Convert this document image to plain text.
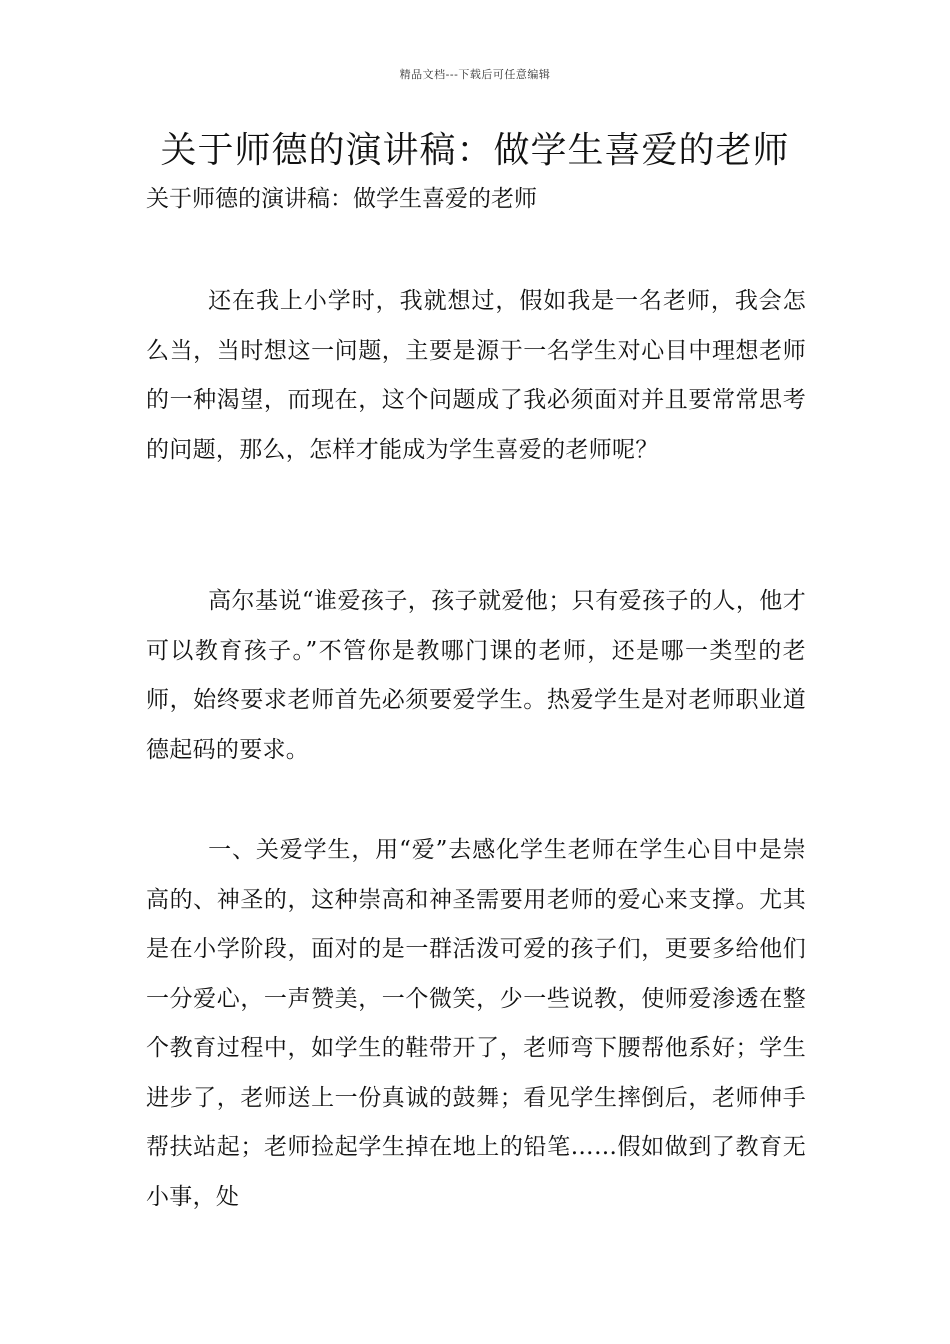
精品文档---下载后可任意编辑
关于师德的演讲稿：做学生喜爱的老师

关于师德的演讲稿：做学生喜爱的老师

还在我上小学时，我就想过，假如我是一名老师，我会怎么当，当时想这一问题，主要是源于一名学生对心目中理想老师的一种渴望，而现在，这个问题成了我必须面对并且要常常思考的问题，那么，怎样才能成为学生喜爱的老师呢？

高尔基说“谁爱孩子，孩子就爱他；只有爱孩子的人，他才可以教育孩子。”不管你是教哪门课的老师，还是哪一类型的老师，始终要求老师首先必须要爱学生。热爱学生是对老师职业道德起码的要求。

一、关爱学生，用“爱”去感化学生老师在学生心目中是崇高的、神圣的，这种崇高和神圣需要用老师的爱心来支撑。尤其是在小学阶段，面对的是一群活泼可爱的孩子们，更要多给他们一分爱心，一声赞美，一个微笑，少一些说教，使师爱渗透在整个教育过程中，如学生的鞋带开了，老师弯下腰帮他系好；学生进步了，老师送上一份真诚的鼓舞；看见学生摔倒后，老师伸手帮扶站起；老师捡起学生掉在地上的铅笔……假如做到了教育无小事，处
